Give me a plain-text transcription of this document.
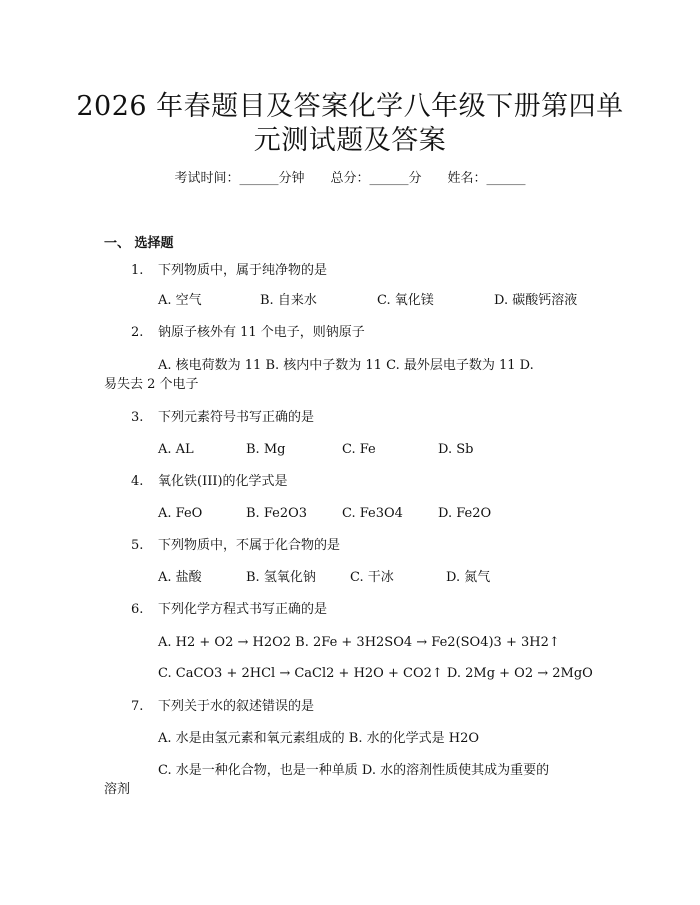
2026 年春题目及答案化学八年级下册第四单
元测试题及答案
考试时间：______分钟 总分：______分 姓名：______
一、 选择题
1. 下列物质中，属于纯净物的是
A. 空气	B. 自来水	C. 氧化镁	D. 碳酸钙溶液
2. 钠原子核外有 11 个电子，则钠原子
A. 核电荷数为 11 B. 核内中子数为 11 C. 最外层电子数为 11 D.
易失去 2 个电子
3. 下列元素符号书写正确的是
A. AL	B. Mg	C. Fe	D. Sb
4. 氧化铁(III)的化学式是
A. FeO	B. Fe2O3	C. Fe3O4	D. Fe2O
5. 下列物质中，不属于化合物的是
A. 盐酸	B. 氢氧化钠	C. 干冰	D. 氮气
6. 下列化学方程式书写正确的是
A. H2 + O2 → H2O2 B. 2Fe + 3H2SO4 → Fe2(SO4)3 + 3H2↑
C. CaCO3 + 2HCl → CaCl2 + H2O + CO2↑ D. 2Mg + O2 → 2MgO
7. 下列关于水的叙述错误的是
A. 水是由氢元素和氧元素组成的 B. 水的化学式是 H2O
C. 水是一种化合物，也是一种单质 D. 水的溶剂性质使其成为重要的
溶剂
